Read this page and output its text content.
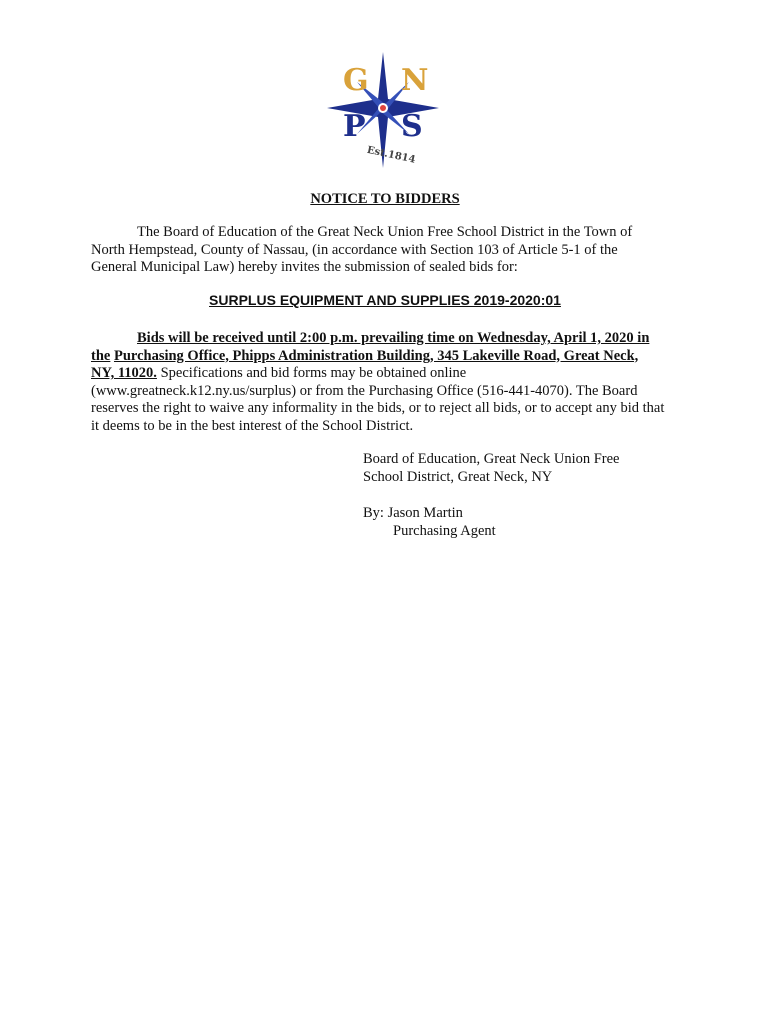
G N
P S
Est.1814
NOTICE TO BIDDERS
The Board of Education of the Great Neck Union Free School District in the Town of
North Hempstead, County of Nassau, (in accordance with Section 103 of Article 5-1 of the
General Municipal Law) hereby invites the submission of sealed bids for:
SURPLUS EQUIPMENT AND SUPPLIES 2019-2020:01
Bids will be received until 2:00 p.m. prevailing time on Wednesday, April 1, 2020 in
the Purchasing Office, Phipps Administration Building, 345 Lakeville Road, Great Neck,
NY, 11020. Specifications and bid forms may be obtained online
(www.greatneck.k12.ny.us/surplus) or from the Purchasing Office (516-441-4070). The Board
reserves the right to waive any informality in the bids, or to reject all bids, or to accept any bid that
it deems to be in the best interest of the School District.
Board of Education, Great Neck Union Free
School District, Great Neck, NY
By: Jason Martin
Purchasing Agent
